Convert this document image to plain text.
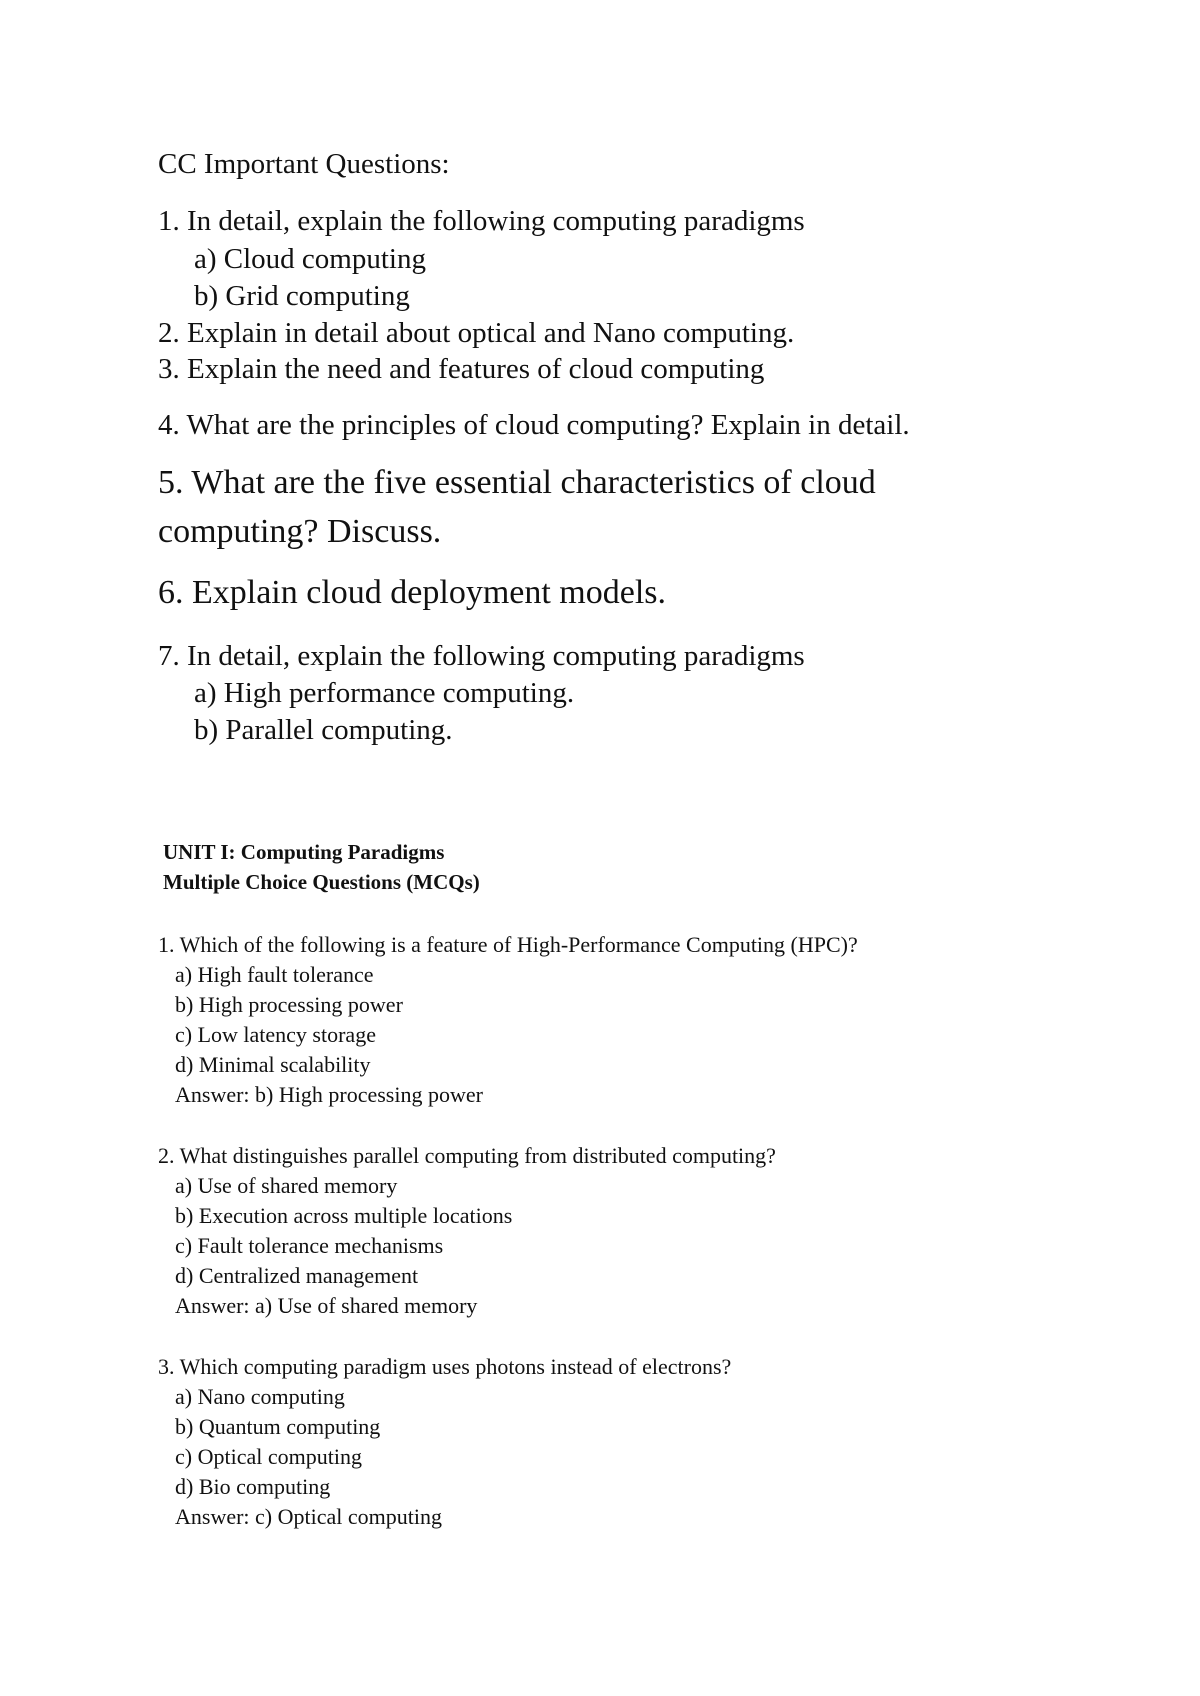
CC Important Questions:
1. In detail, explain the following computing paradigms
a) Cloud computing
b) Grid computing
2. Explain in detail about optical and Nano computing.
3. Explain the need and features of cloud computing
4. What are the principles of cloud computing? Explain in detail.
5. What are the five essential characteristics of cloud
computing? Discuss.
6. Explain cloud deployment models.
7. In detail, explain the following computing paradigms
a) High performance computing.
b) Parallel computing.
UNIT I: Computing Paradigms
Multiple Choice Questions (MCQs)
1. Which of the following is a feature of High-Performance Computing (HPC)?
a) High fault tolerance
b) High processing power
c) Low latency storage
d) Minimal scalability
Answer: b) High processing power
2. What distinguishes parallel computing from distributed computing?
a) Use of shared memory
b) Execution across multiple locations
c) Fault tolerance mechanisms
d) Centralized management
Answer: a) Use of shared memory
3. Which computing paradigm uses photons instead of electrons?
a) Nano computing
b) Quantum computing
c) Optical computing
d) Bio computing
Answer: c) Optical computing
